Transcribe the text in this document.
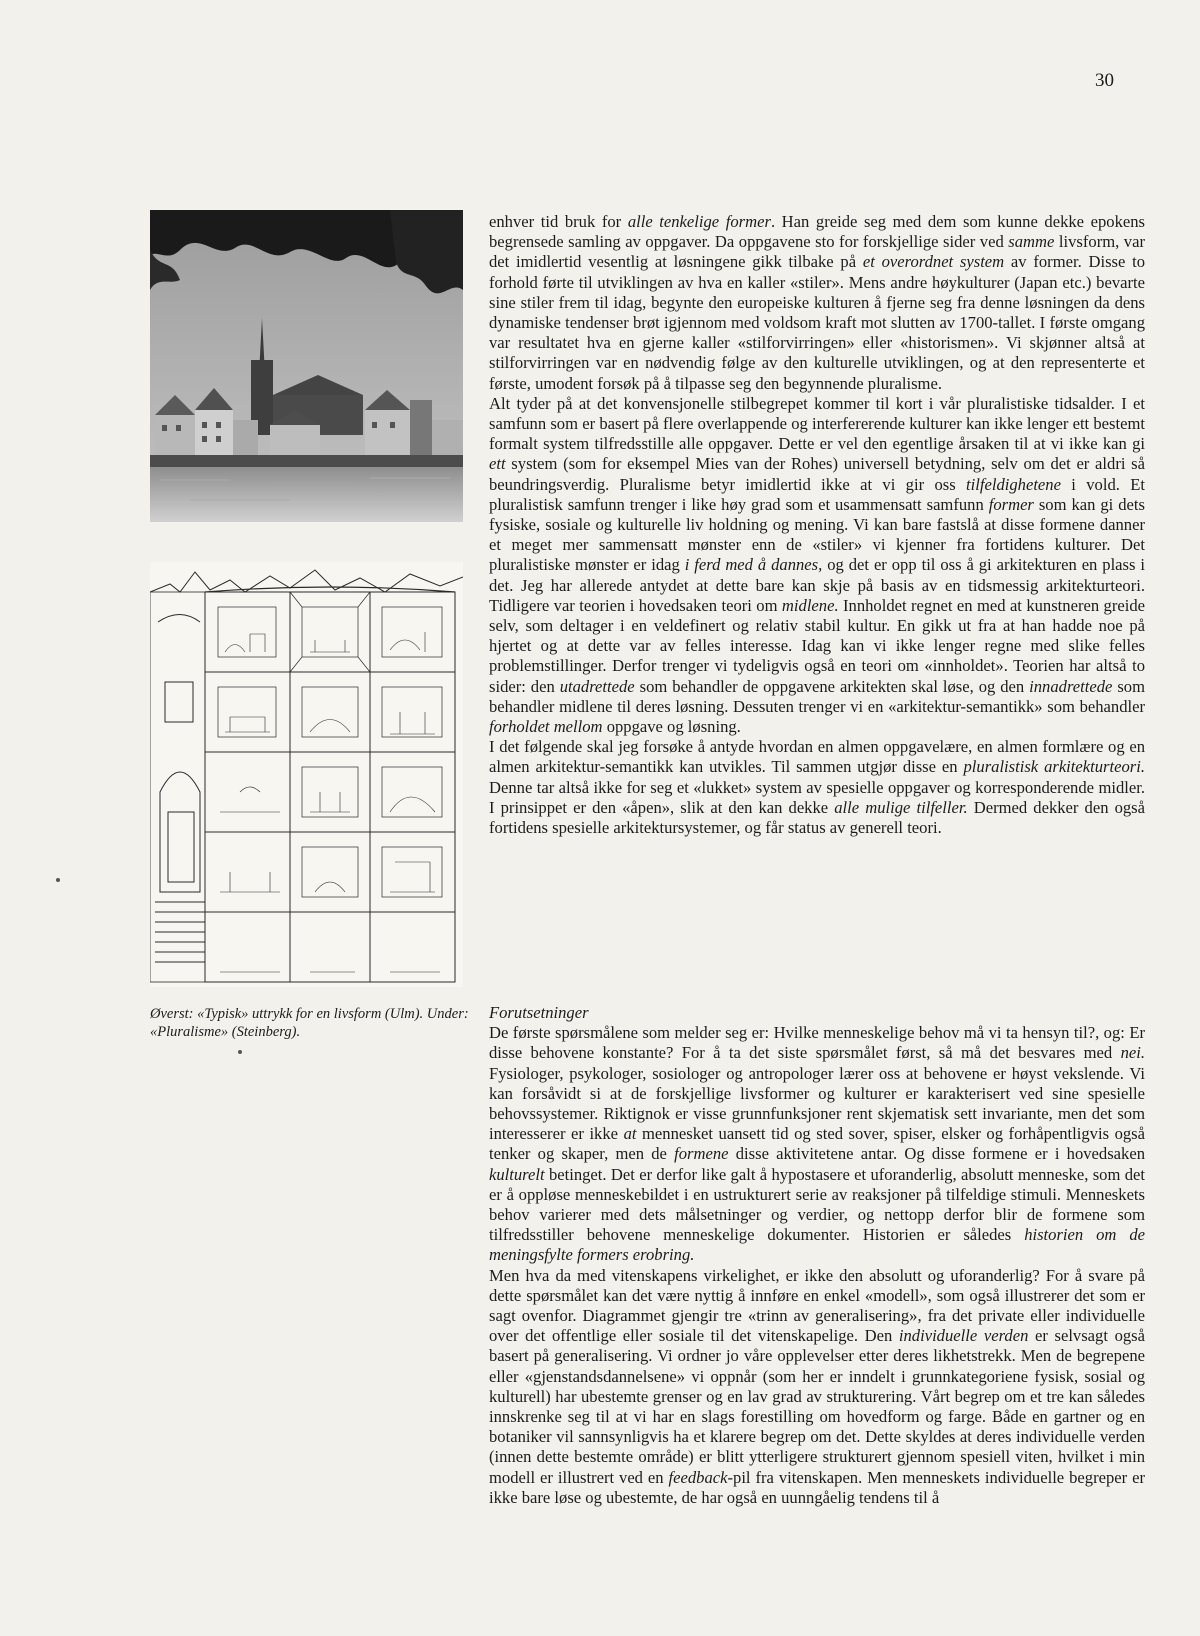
30
Øverst: «Typisk» uttrykk for en livsform (Ulm). Under: «Pluralisme» (Steinberg).

enhver tid bruk for alle tenkelige former. Han greide seg med dem som kunne dekke epokens begrensede samling av oppgaver. Da oppgavene sto for forskjellige sider ved samme livsform, var det imidlertid vesentlig at løsningene gikk tilbake på et overordnet system av former. Disse to forhold førte til utviklingen av hva en kaller «stiler». Mens andre høykulturer (Japan etc.) bevarte sine stiler frem til idag, begynte den europeiske kulturen å fjerne seg fra denne løsningen da dens dynamiske tendenser brøt igjennom med voldsom kraft mot slutten av 1700-tallet. I første omgang var resultatet hva en gjerne kaller «stilforvirringen» eller «historismen». Vi skjønner altså at stilforvirringen var en nødvendig følge av den kulturelle utviklingen, og at den representerte et første, umodent forsøk på å tilpasse seg den begynnende pluralisme.

Alt tyder på at det konvensjonelle stilbegrepet kommer til kort i vår pluralistiske tidsalder. I et samfunn som er basert på flere overlappende og interfererende kulturer kan ikke lenger ett bestemt formalt system tilfredsstille alle oppgaver. Dette er vel den egentlige årsaken til at vi ikke kan gi ett system (som for eksempel Mies van der Rohes) universell betydning, selv om det er aldri så beundringsverdig. Pluralisme betyr imidlertid ikke at vi gir oss tilfeldighetene i vold. Et pluralistisk samfunn trenger i like høy grad som et usammensatt samfunn former som kan gi dets fysiske, sosiale og kulturelle liv holdning og mening. Vi kan bare fastslå at disse formene danner et meget mer sammensatt mønster enn de «stiler» vi kjenner fra fortidens kulturer. Det pluralistiske mønster er idag i ferd med å dannes, og det er opp til oss å gi arkitekturen en plass i det. Jeg har allerede antydet at dette bare kan skje på basis av en tidsmessig arkitekturteori. Tidligere var teorien i hovedsaken teori om midlene. Innholdet regnet en med at kunstneren greide selv, som deltager i en veldefinert og relativ stabil kultur. En gikk ut fra at han hadde noe på hjertet og at dette var av felles interesse. Idag kan vi ikke lenger regne med slike felles problemstillinger. Derfor trenger vi tydeligvis også en teori om «innholdet». Teorien har altså to sider: den utadrettede som behandler de oppgavene arkitekten skal løse, og den innadrettede som behandler midlene til deres løsning. Dessuten trenger vi en «arkitektur-semantikk» som behandler forholdet mellom oppgave og løsning.

I det følgende skal jeg forsøke å antyde hvordan en almen oppgavelære, en almen formlære og en almen arkitektur-semantikk kan utvikles. Til sammen utgjør disse en pluralistisk arkitekturteori. Denne tar altså ikke for seg et «lukket» system av spesielle oppgaver og korresponderende midler. I prinsippet er den «åpen», slik at den kan dekke alle mulige tilfeller. Dermed dekker den også fortidens spesielle arkitektursystemer, og får status av generell teori.

Forutsetninger

De første spørsmålene som melder seg er: Hvilke menneskelige behov må vi ta hensyn til?, og: Er disse behovene konstante? For å ta det siste spørsmålet først, så må det besvares med nei. Fysiologer, psykologer, sosiologer og antropologer lærer oss at behovene er høyst vekslende. Vi kan forsåvidt si at de forskjellige livsformer og kulturer er karakterisert ved sine spesielle behovssystemer. Riktignok er visse grunnfunksjoner rent skjematisk sett invariante, men det som interesserer er ikke at mennesket uansett tid og sted sover, spiser, elsker og forhåpentligvis også tenker og skaper, men de formene disse aktivitetene antar. Og disse formene er i hovedsaken kulturelt betinget. Det er derfor like galt å hypostasere et uforanderlig, absolutt menneske, som det er å oppløse menneskebildet i en ustrukturert serie av reaksjoner på tilfeldige stimuli. Menneskets behov varierer med dets målsetninger og verdier, og nettopp derfor blir de formene som tilfredsstiller behovene menneskelige dokumenter. Historien er således historien om de meningsfylte formers erobring.

Men hva da med vitenskapens virkelighet, er ikke den absolutt og uforanderlig? For å svare på dette spørsmålet kan det være nyttig å innføre en enkel «modell», som også illustrerer det som er sagt ovenfor. Diagrammet gjengir tre «trinn av generalisering», fra det private eller individuelle over det offentlige eller sosiale til det vitenskapelige. Den individuelle verden er selvsagt også basert på generalisering. Vi ordner jo våre opplevelser etter deres likhetstrekk. Men de begrepene eller «gjenstandsdannelsene» vi oppnår (som her er inndelt i grunnkategoriene fysisk, sosial og kulturell) har ubestemte grenser og en lav grad av strukturering. Vårt begrep om et tre kan således innskrenke seg til at vi har en slags forestilling om hovedform og farge. Både en gartner og en botaniker vil sannsynligvis ha et klarere begrep om det. Dette skyldes at deres individuelle verden (innen dette bestemte område) er blitt ytterligere strukturert gjennom spesiell viten, hvilket i min modell er illustrert ved en feedback-pil fra vitenskapen. Men menneskets individuelle begreper er ikke bare løse og ubestemte, de har også en uunngåelig tendens til å
